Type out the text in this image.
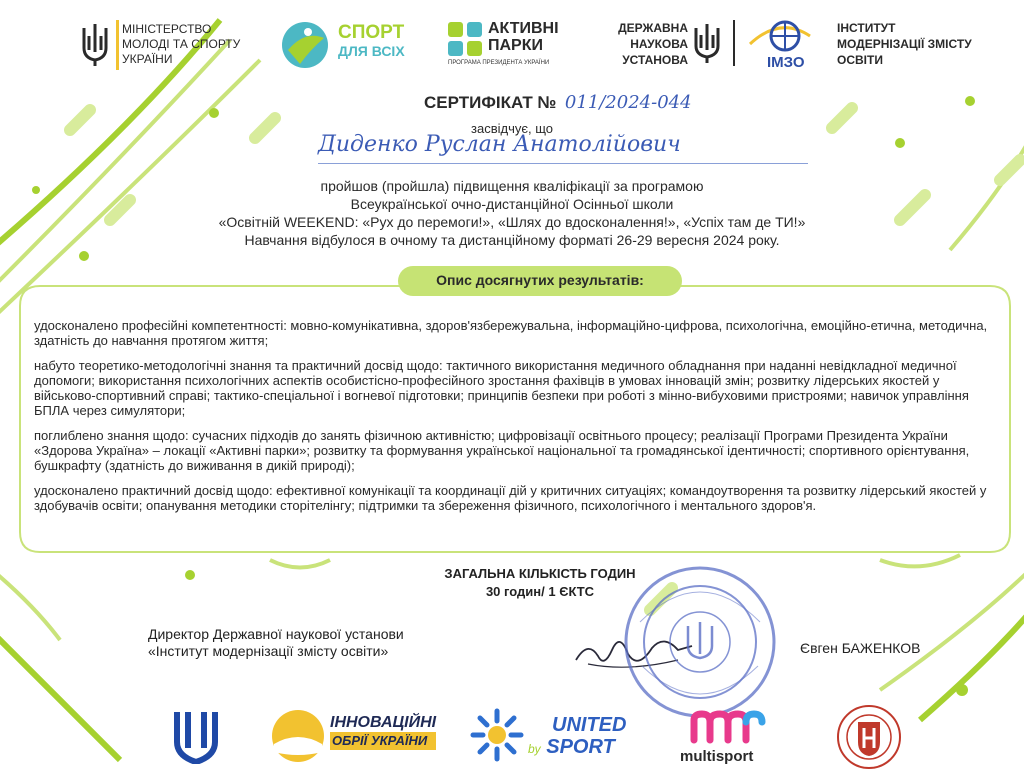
МІНІСТЕРСТВО
МОЛОДІ ТА СПОРТУ
УКРАЇНИ
СПОРТ
ДЛЯ ВСІХ
АКТИВНІ
ПАРКИ
ПРОГРАМА ПРЕЗИДЕНТА УКРАЇНИ
ДЕРЖАВНА
НАУКОВА
УСТАНОВА	ІМЗО
ІНСТИТУТ
МОДЕРНІЗАЦІЇ ЗМІСТУ
ОСВІТИ
СЕРТИФІКАТ № 011/2024-044
засвідчує, що
Диденко Руслан Анатолійович
пройшов (пройшла) підвищення кваліфікації за програмою
Всеукраїнської очно-дистанційної Осінньої школи
«Освітній WEEKEND: «Рух до перемоги!», «Шлях до вдосконалення!», «Успіх там де ТИ!»
Навчання відбулося в очному та дистанційному форматі 26-29 вересня 2024 року.
Опис досягнутих результатів:

удосконалено професійні компетентності: мовно-комунікативна, здоров'язбережувальна, інформаційно-цифрова, психологічна, емоційно-етична, методична, здатність до навчання протягом життя;

набуто теоретико-методологічні знання та практичний досвід щодо: тактичного використання медичного обладнання при наданні невідкладної медичної допомоги; використання психологічних аспектів особистісно-професійного зростання фахівців в умовах інновацій змін; розвитку лідерських якостей у військово-спортивний справі; тактико-спеціальної і вогневої підготовки; принципів безпеки при роботі з мінно-вибуховими пристроями; навичок управління БПЛА через симулятори;

поглиблено знання щодо: сучасних підходів до занять фізичною активністю; цифровізації освітнього процесу; реалізації Програми Президента України «Здорова Україна» – локації «Активні парки»; розвитку та формування української національної та громадянської ідентичності; спортивного орієнтування, бушкрафту (здатність до виживання в дикій природі);

удосконалено практичний досвід щодо: ефективної комунікації та координації дій у критичних ситуаціях; командоутворення та розвитку лідерський якостей у здобувачів освіти; опанування методики сторітелінгу; підтримки та збереження фізичного, психологічного і ментального здоров'я.

ЗАГАЛЬНА КІЛЬКІСТЬ ГОДИН
30 годин/ 1 ЄКТС
Директор Державної наукової установи
«Інститут модернізації змісту освіти»	Євген БАЖЕНКОВ
ІННОВАЦІЙНІ
ОБРІЇ УКРАЇНИ
UNITED
by SPORT	multisport
